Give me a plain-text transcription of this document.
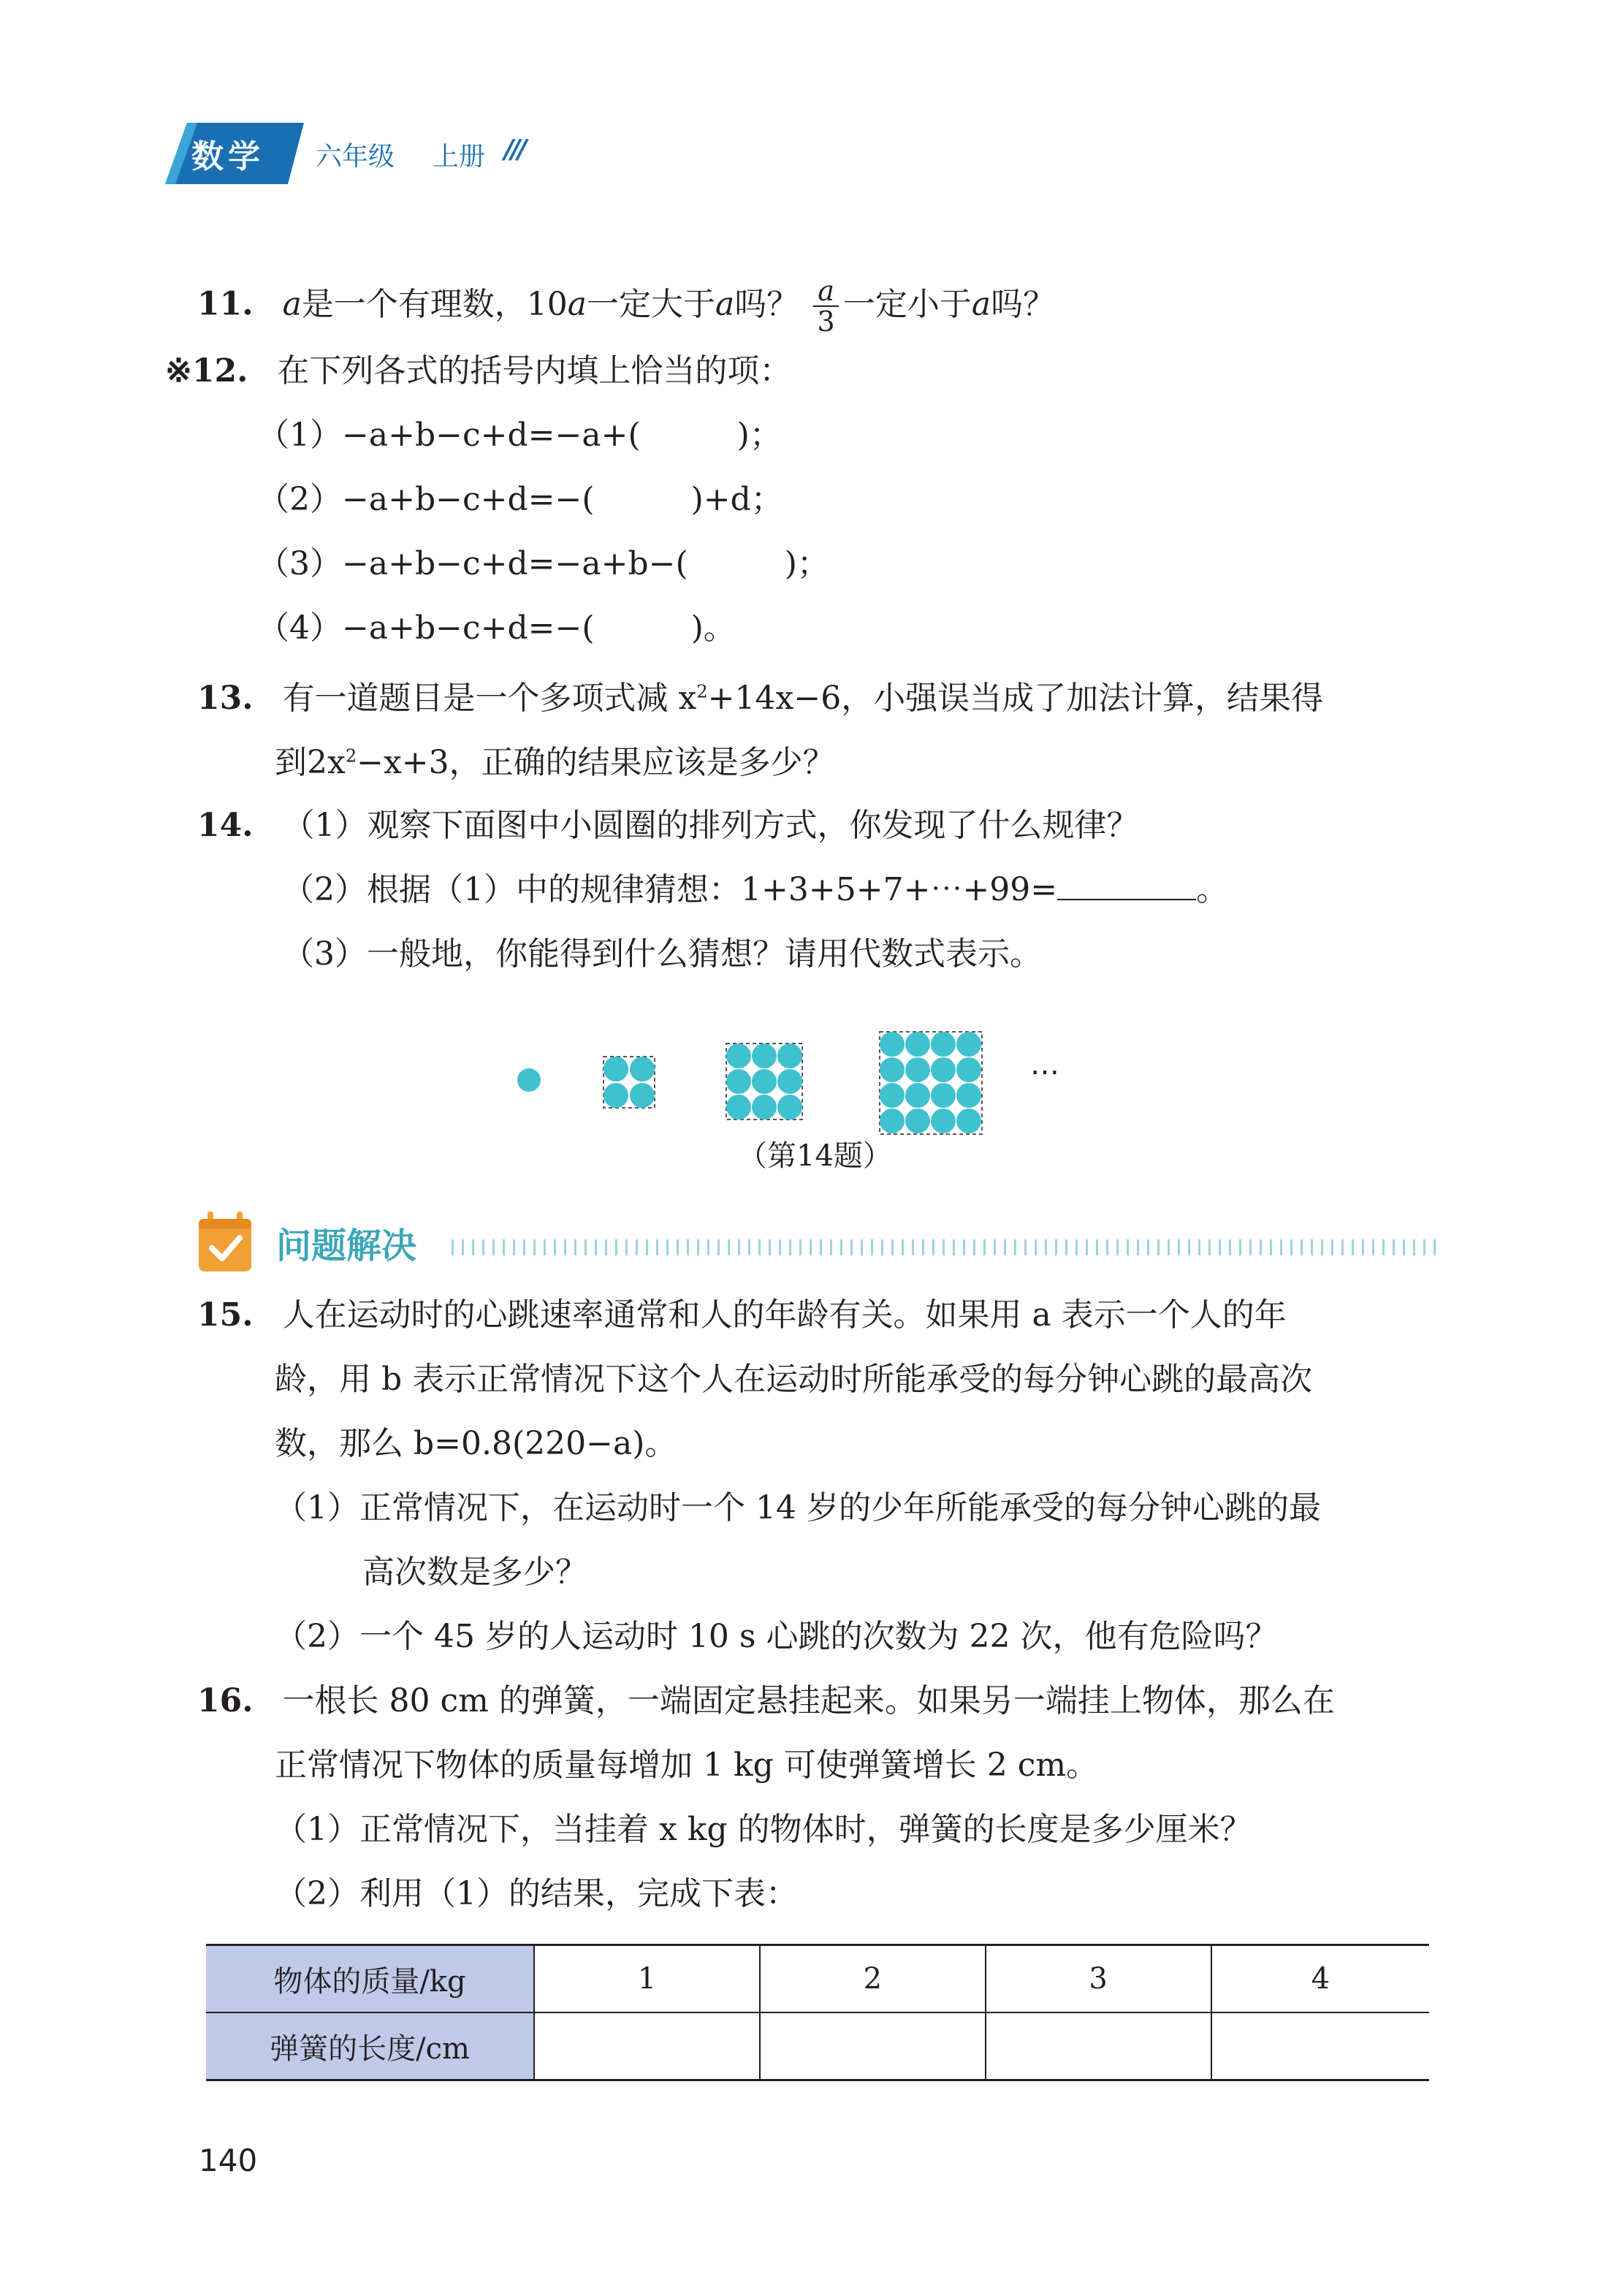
数学 六年级 上册 ///
11. a是一个有理数，10a一定大于a吗？ $\frac{a}{3}$ 一定小于a吗？
※12. 在下列各式的括号内填上恰当的项：
（1）−a+b−c+d=−a+(　　　)；
（2）−a+b−c+d=−(　　　)+d；
（3）−a+b−c+d=−a+b−(　　　)；
（4）−a+b−c+d=−(　　　)。
13. 有一道题目是一个多项式减 $x^2+14x-6$，小强误当成了加法计算，结果得
到$2x^2-x+3$，正确的结果应该是多少？
14. （1）观察下面图中小圆圈的排列方式，你发现了什么规律？
（2）根据（1）中的规律猜想：1+3+5+7+⋯+99=	。
（3）一般地，你能得到什么猜想？请用代数式表示。
⋯
（第14题）
问题解决
15. 人在运动时的心跳速率通常和人的年龄有关。如果用 a 表示一个人的年
龄，用 b 表示正常情况下这个人在运动时所能承受的每分钟心跳的最高次
数，那么 b=0.8(220−a)。
（1）正常情况下，在运动时一个 14 岁的少年所能承受的每分钟心跳的最
高次数是多少？
（2）一个 45 岁的人运动时 10 s 心跳的次数为 22 次，他有危险吗？
16. 一根长 80 cm 的弹簧，一端固定悬挂起来。如果另一端挂上物体，那么在
正常情况下物体的质量每增加 1 kg 可使弹簧增长 2 cm。
（1）正常情况下，当挂着 x kg 的物体时，弹簧的长度是多少厘米？
（2）利用（1）的结果，完成下表：
物体的质量/kg	1	2	3	4
弹簧的长度/cm				
140
